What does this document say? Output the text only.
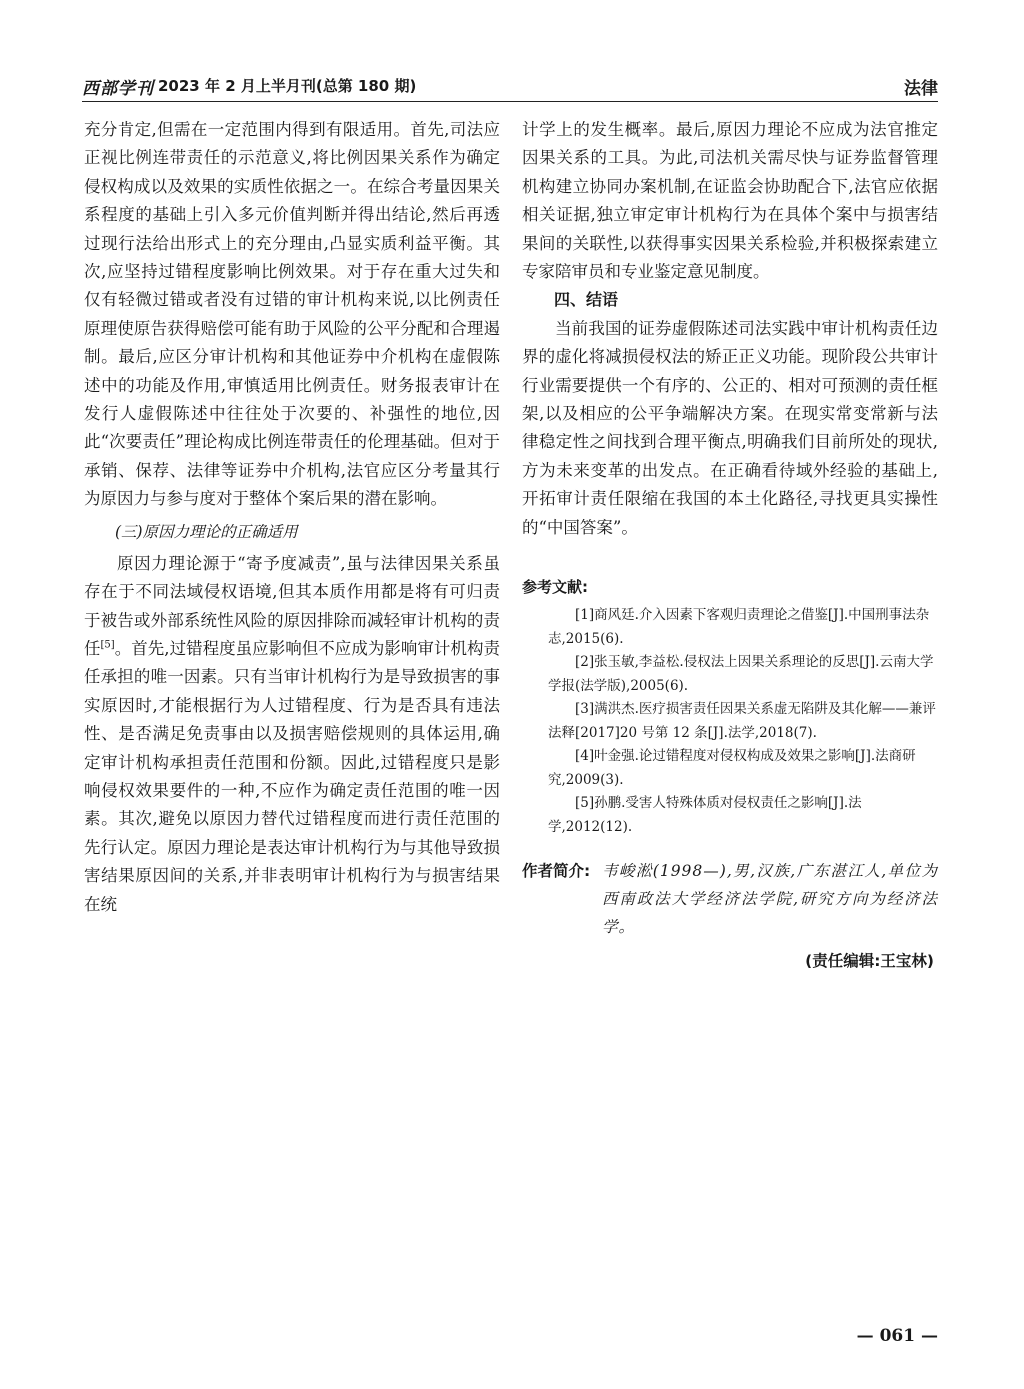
西部学刊 2023 年 2 月上半月刊(总第 180 期)	法律

充分肯定,但需在一定范围内得到有限适用。首先,司法应正视比例连带责任的示范意义,将比例因果关系作为确定侵权构成以及效果的实质性依据之一。在综合考量因果关系程度的基础上引入多元价值判断并得出结论,然后再透过现行法给出形式上的充分理由,凸显实质利益平衡。其次,应坚持过错程度影响比例效果。对于存在重大过失和仅有轻微过错或者没有过错的审计机构来说,以比例责任原理使原告获得赔偿可能有助于风险的公平分配和合理遏制。最后,应区分审计机构和其他证券中介机构在虚假陈述中的功能及作用,审慎适用比例责任。财务报表审计在发行人虚假陈述中往往处于次要的、补强性的地位,因此“次要责任”理论构成比例连带责任的伦理基础。但对于承销、保荐、法律等证券中介机构,法官应区分考量其行为原因力与参与度对于整体个案后果的潜在影响。

(三)原因力理论的正确适用

原因力理论源于“寄予度减责”,虽与法律因果关系虽存在于不同法域侵权语境,但其本质作用都是将有可归责于被告或外部系统性风险的原因排除而减轻审计机构的责任[5]。首先,过错程度虽应影响但不应成为影响审计机构责任承担的唯一因素。只有当审计机构行为是导致损害的事实原因时,才能根据行为人过错程度、行为是否具有违法性、是否满足免责事由以及损害赔偿规则的具体运用,确定审计机构承担责任范围和份额。因此,过错程度只是影响侵权效果要件的一种,不应作为确定责任范围的唯一因素。其次,避免以原因力替代过错程度而进行责任范围的先行认定。原因力理论是表达审计机构行为与其他导致损害结果原因间的关系,并非表明审计机构行为与损害结果在统

计学上的发生概率。最后,原因力理论不应成为法官推定因果关系的工具。为此,司法机关需尽快与证券监督管理机构建立协同办案机制,在证监会协助配合下,法官应依据相关证据,独立审定审计机构行为在具体个案中与损害结果间的关联性,以获得事实因果关系检验,并积极探索建立专家陪审员和专业鉴定意见制度。

四、结语

当前我国的证券虚假陈述司法实践中审计机构责任边界的虚化将减损侵权法的矫正正义功能。现阶段公共审计行业需要提供一个有序的、公正的、相对可预测的责任框架,以及相应的公平争端解决方案。在现实常变常新与法律稳定性之间找到合理平衡点,明确我们目前所处的现状,方为未来变革的出发点。在正确看待域外经验的基础上,开拓审计责任限缩在我国的本土化路径,寻找更具实操性的“中国答案”。

参考文献:

[1]商风廷.介入因素下客观归责理论之借鉴[J].中国刑事法杂志,2015(6).

[2]张玉敏,李益松.侵权法上因果关系理论的反思[J].云南大学学报(法学版),2005(6).

[3]满洪杰.医疗损害责任因果关系虚无陷阱及其化解——兼评法释[2017]20 号第 12 条[J].法学,2018(7).

[4]叶金强.论过错程度对侵权构成及效果之影响[J].法商研究,2009(3).

[5]孙鹏.受害人特殊体质对侵权责任之影响[J].法学,2012(12).

作者简介: 韦峻淞(1998—),男,汉族,广东湛江人,单位为西南政法大学经济法学院,研究方向为经济法学。
(责任编辑:王宝林)
— 061 —
